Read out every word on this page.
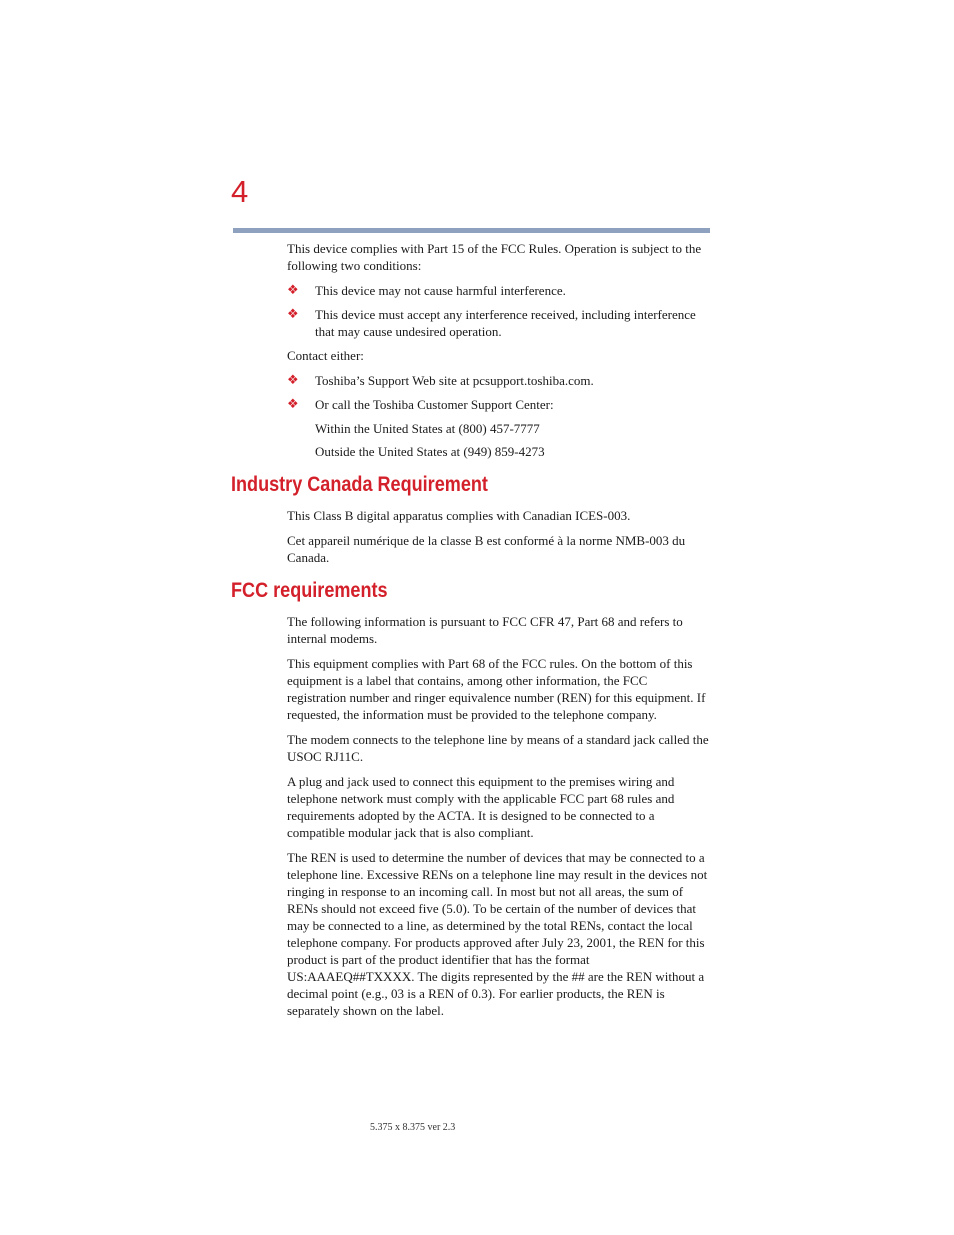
4

This device complies with Part 15 of the FCC Rules. Operation is subject to the following two conditions:

❖ This device may not cause harmful interference.
❖ This device must accept any interference received, including interference that may cause undesired operation.

Contact either:

❖ Toshiba’s Support Web site at pcsupport.toshiba.com.
❖ Or call the Toshiba Customer Support Center:
Within the United States at (800) 457-7777
Outside the United States at (949) 859-4273
Industry Canada Requirement

This Class B digital apparatus complies with Canadian ICES-003.

Cet appareil numérique de la classe B est conformé à la norme NMB-003 du Canada.

FCC requirements

The following information is pursuant to FCC CFR 47, Part 68 and refers to internal modems.

This equipment complies with Part 68 of the FCC rules. On the bottom of this equipment is a label that contains, among other information, the FCC registration number and ringer equivalence number (REN) for this equipment. If requested, the information must be provided to the telephone company.

The modem connects to the telephone line by means of a standard jack called the USOC RJ11C.

A plug and jack used to connect this equipment to the premises wiring and telephone network must comply with the applicable FCC part 68 rules and requirements adopted by the ACTA. It is designed to be connected to a compatible modular jack that is also compliant.

The REN is used to determine the number of devices that may be connected to a telephone line. Excessive RENs on a telephone line may result in the devices not ringing in response to an incoming call. In most but not all areas, the sum of RENs should not exceed five (5.0). To be certain of the number of devices that may be connected to a line, as determined by the total RENs, contact the local telephone company. For products approved after July 23, 2001, the REN for this product is part of the product identifier that has the format US:AAAEQ##TXXXX. The digits represented by the ## are the REN without a decimal point (e.g., 03 is a REN of 0.3). For earlier products, the REN is separately shown on the label.

5.375 x 8.375 ver 2.3
